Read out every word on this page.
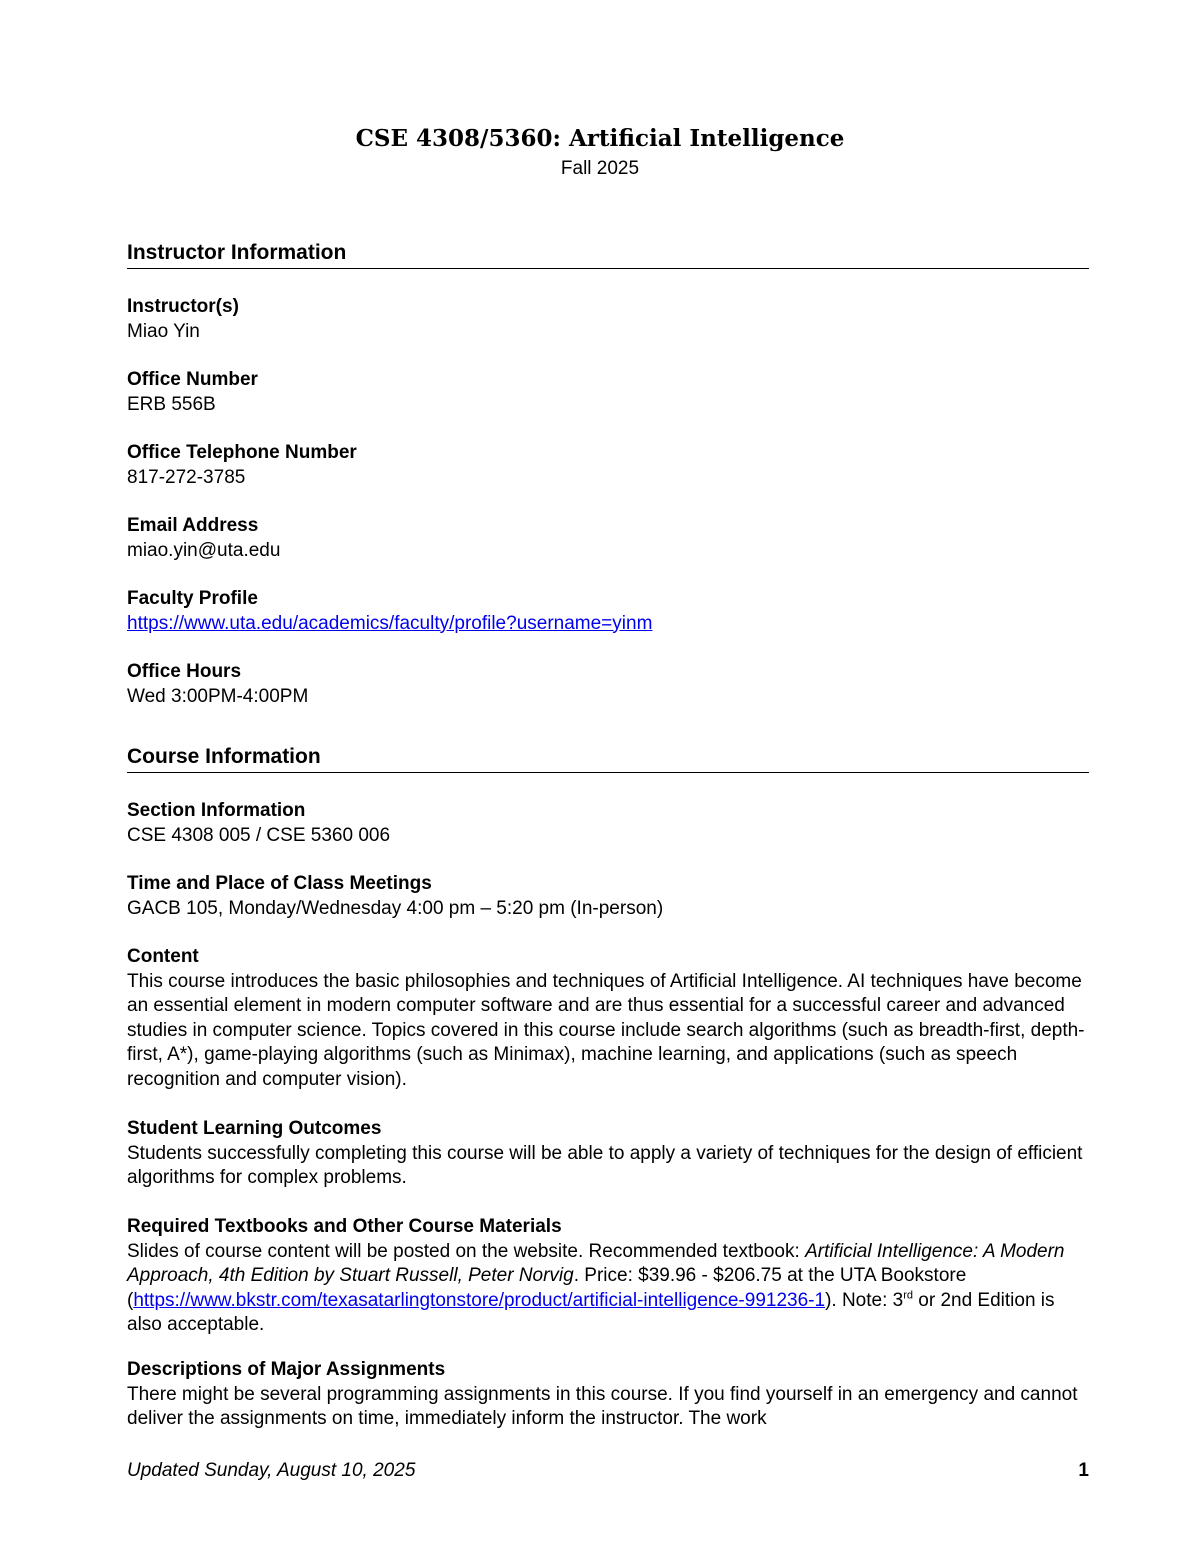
CSE 4308/5360: Artificial Intelligence
Fall 2025
Instructor Information
Instructor(s)
Miao Yin
Office Number
ERB 556B
Office Telephone Number
817-272-3785
Email Address
miao.yin@uta.edu
Faculty Profile
https://www.uta.edu/academics/faculty/profile?username=yinm
Office Hours
Wed 3:00PM-4:00PM
Course Information
Section Information
CSE 4308 005 / CSE 5360 006
Time and Place of Class Meetings
GACB 105, Monday/Wednesday 4:00 pm – 5:20 pm (In-person)
Content
This course introduces the basic philosophies and techniques of Artificial Intelligence. AI techniques have become an essential element in modern computer software and are thus essential for a successful career and advanced studies in computer science. Topics covered in this course include search algorithms (such as breadth-first, depth-first, A*), game-playing algorithms (such as Minimax), machine learning, and applications (such as speech recognition and computer vision).
Student Learning Outcomes
Students successfully completing this course will be able to apply a variety of techniques for the design of efficient algorithms for complex problems.
Required Textbooks and Other Course Materials
Slides of course content will be posted on the website. Recommended textbook: Artificial Intelligence: A Modern Approach, 4th Edition by Stuart Russell, Peter Norvig. Price: $39.96 - $206.75 at the UTA Bookstore (https://www.bkstr.com/texasatarlingtonstore/product/artificial-intelligence-991236-1). Note: 3rd or 2nd Edition is also acceptable.
Descriptions of Major Assignments
There might be several programming assignments in this course. If you find yourself in an emergency and cannot deliver the assignments on time, immediately inform the instructor. The work
Updated Sunday, August 10, 2025	1
